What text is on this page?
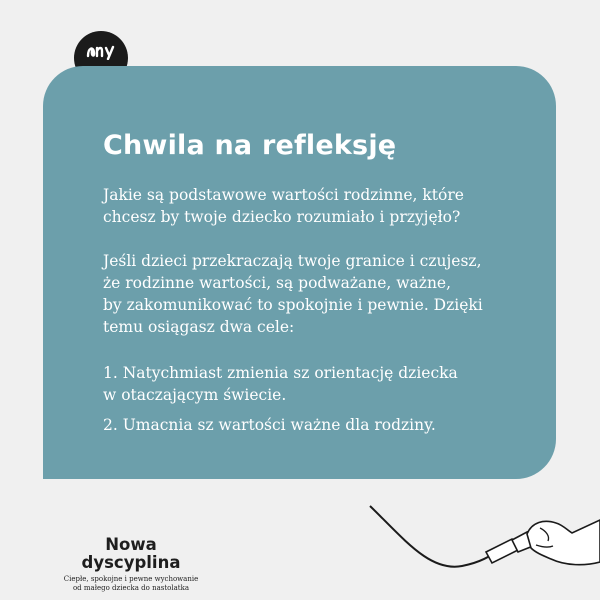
Chwila na refleksję

Jakie są podstawowe wartości rodzinne, które
chcesz by twoje dziecko rozumiało i przyjęło?

Jeśli dzieci przekraczają twoje granice i czujesz,
że rodzinne wartości, są podważane, ważne,
by zakomunikować to spokojnie i pewnie. Dzięki
temu osiągasz dwa cele:

1. Natychmiast zmienia sz orientację dziecka
w otaczającym świecie.

2. Umacnia sz wartości ważne dla rodziny.

Nowa dyscyplina
Ciepłe, spokojne i pewne wychowanie
od małego dziecka do nastolatka
